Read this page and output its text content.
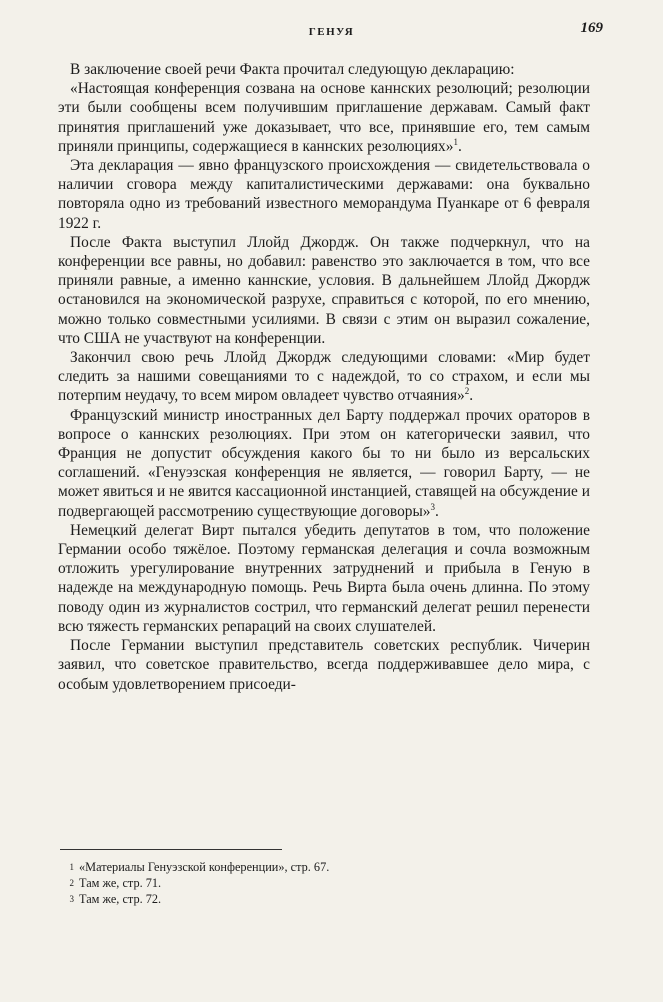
ГЕНУЯ	169

В заключение своей речи Факта прочитал следующую декларацию:

«Настоящая конференция созвана на основе каннских резолюций; резолюции эти были сообщены всем получившим приглашение державам. Самый факт принятия приглашений уже доказывает, что все, принявшие его, тем самым приняли принципы, содержащиеся в каннских резолюциях»$^1$.

Эта декларация — явно французского происхождения — свидетельствовала о наличии сговора между капиталистическими державами: она буквально повторяла одно из требований известного меморандума Пуанкаре от 6 февраля 1922 г.

После Факта выступил Ллойд Джордж. Он также подчеркнул, что на конференции все равны, но добавил: равенство это заключается в том, что все приняли равные, а именно каннские, условия. В дальнейшем Ллойд Джордж остановился на экономической разрухе, справиться с которой, по его мнению, можно только совместными усилиями. В связи с этим он выразил сожаление, что США не участвуют на конференции.

Закончил свою речь Ллойд Джордж следующими словами: «Мир будет следить за нашими совещаниями то с надеждой, то со страхом, и если мы потерпим неудачу, то всем миром овладеет чувство отчаяния»$^2$.

Французский министр иностранных дел Барту поддержал прочих ораторов в вопросе о каннских резолюциях. При этом он категорически заявил, что Франция не допустит обсуждения какого бы то ни было из версальских соглашений. «Генуэзская конференция не является, — говорил Барту, — не может явиться и не явится кассационной инстанцией, ставящей на обсуждение и подвергающей рассмотрению существующие договоры»$^3$.

Немецкий делегат Вирт пытался убедить депутатов в том, что положение Германии особо тяжёлое. Поэтому германская делегация и сочла возможным отложить урегулирование внутренних затруднений и прибыла в Геную в надежде на международную помощь. Речь Вирта была очень длинна. По этому поводу один из журналистов сострил, что германский делегат решил перенести всю тяжесть германских репараций на своих слушателей.

После Германии выступил представитель советских республик. Чичерин заявил, что советское правительство, всегда поддерживавшее дело мира, с особым удовлетворением присоеди-

1 «Материалы Генуэзской конференции», стр. 67.
2 Там же, стр. 71.
3 Там же, стр. 72.
